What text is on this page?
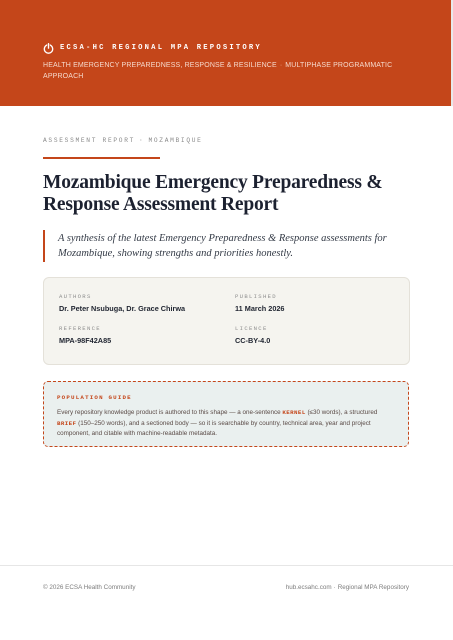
ECSA-HC REGIONAL MPA REPOSITORY
HEALTH EMERGENCY PREPAREDNESS, RESPONSE & RESILIENCE · MULTIPHASE PROGRAMMATIC APPROACH
ASSESSMENT REPORT · MOZAMBIQUE
Mozambique Emergency Preparedness & Response Assessment Report

A synthesis of the latest Emergency Preparedness & Response assessments for Mozambique, showing strengths and priorities honestly.

AUTHORS
Dr. Peter Nsubuga, Dr. Grace Chirwa
PUBLISHED
11 March 2026
REFERENCE
MPA-98F42A85
LICENCE
CC-BY-4.0
POPULATION GUIDE

Every repository knowledge product is authored to this shape — a one-sentence KERNEL (≤30 words), a structured BRIEF (150–250 words), and a sectioned body — so it is searchable by country, technical area, year and project component, and citable with machine-readable metadata.

© 2026 ECSA Health Community	hub.ecsahc.com · Regional MPA Repository
